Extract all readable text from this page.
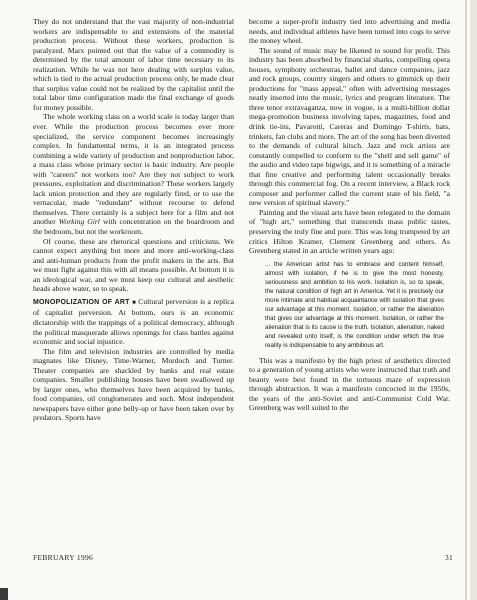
They do not understand that the vast majority of non-industrial workers are indispensable to and extensions of the material production process. Without these workers, production is paralyzed. Marx pointed out that the value of a commodity is determined by the total amount of labor time necessary to its realization. While he was not here dealing with surplus value, which is tied to the actual production process only, he made clear that surplus value could not be realized by the capitalist until the total labor time configuration made the final exchange of goods for money possible.

The whole working class on a world scale is today larger than ever. While the production process becomes ever more specialized, the service component becomes increasingly complex. In fundamental terms, it is an integrated process combining a wide variety of production and nonproduction labor, a mass class whose primary sector is basic industry. Are people with "careers" not workers too? Are they not subject to work pressures, exploitation and discrimination? These workers largely lack union protection and they are regularly fired, or to use the vernacular, made "redundant" without recourse to defend themselves. There certainly is a subject here for a film and not another Working Girl with concentration on the boardroom and the bedroom, but not the workroom.

Of course, these are rhetorical questions and criticisms. We cannot expect anything but more and more anti-working-class and anti-human products from the profit makers in the arts. But we must fight against this with all means possible. At bottom it is an ideological war, and we must keep our cultural and aesthetic heads above water, so to speak.

MONOPOLIZATION OF ART ■ Cultural perversion is a replica of capitalist perversion. At bottom, ours is an economic dictatorship with the trappings of a political democracy, although the political masquerade allows openings for class battles against economic and social injustice.

The film and television industries are controlled by media magnates like Disney, Time-Warner, Murdoch and Turner. Theater companies are shackled by banks and real estate companies. Smaller publishing houses have been swallowed up by larger ones, who themselves have been acquired by banks, food companies, oil conglomerates and such. Most independent newspapers have either gone belly-up or have been taken over by predators. Sports have

become a super-profit industry tied into advertising and media needs, and individual athletes have been turned into cogs to serve the money wheel.

The sound of music may be likened to sound for profit. This industry has been absorbed by financial sharks, compelling opera houses, symphony orchestras, ballet and dance companies, jazz and rock groups, country singers and others to gimmick up their productions for "mass appeal," often with advertising messages neatly inserted into the music, lyrics and program literature. The three tenor extravaganza, now in vogue, is a multi-billion dollar mega-promotion business involving tapes, magazines, food and drink tie-ins, Pavarotti, Careras and Domingo T-shirts, hats, trinkets, fan clubs and more. The art of the song has been diverted to the demands of cultural kitsch. Jazz and rock artists are constantly compelled to conform to the "shell and sell game" of the audio and video tape bigwigs, and it is something of a miracle that fine creative and performing talent occasionally breaks through this commercial fog. On a recent interview, a Black rock composer and performer called the current state of his field, "a new version of spiritual slavery."

Painting and the visual arts have been relegated to the domain of "high art," something that transcends mass public tastes, preserving the truly fine and pure. This was long trumpeted by art critics Hilton Kramer, Clement Greenberg and others. As Greenberg stated in an article written years ago:

... the American artist has to embrace and content himself, almost with isolation, if he is to give the most honesty, seriousness and ambition to his work. Isolation is, so to speak, the natural condition of high art in America. Yet it is precisely our more intimate and habitual acquaintance with isolation that gives our advantage at this moment. Isolation, or rather the alienation that gives our advantage at this moment. Isolation, or rather the alienation that is its cause is the truth. Isolation, alienation, naked and revealed unto itself, is the condition under which the true reality is indispensable to any ambitious art.

This was a manifesto by the high priest of aesthetics directed to a generation of young artists who were instructed that truth and beauty were best found in the tortuous maze of expression through abstraction. It was a manifesto concocted in the 1950s, the years of the anti-Soviet and anti-Communist Cold War. Greenberg was well suited to the

FEBRUARY 1996	31
